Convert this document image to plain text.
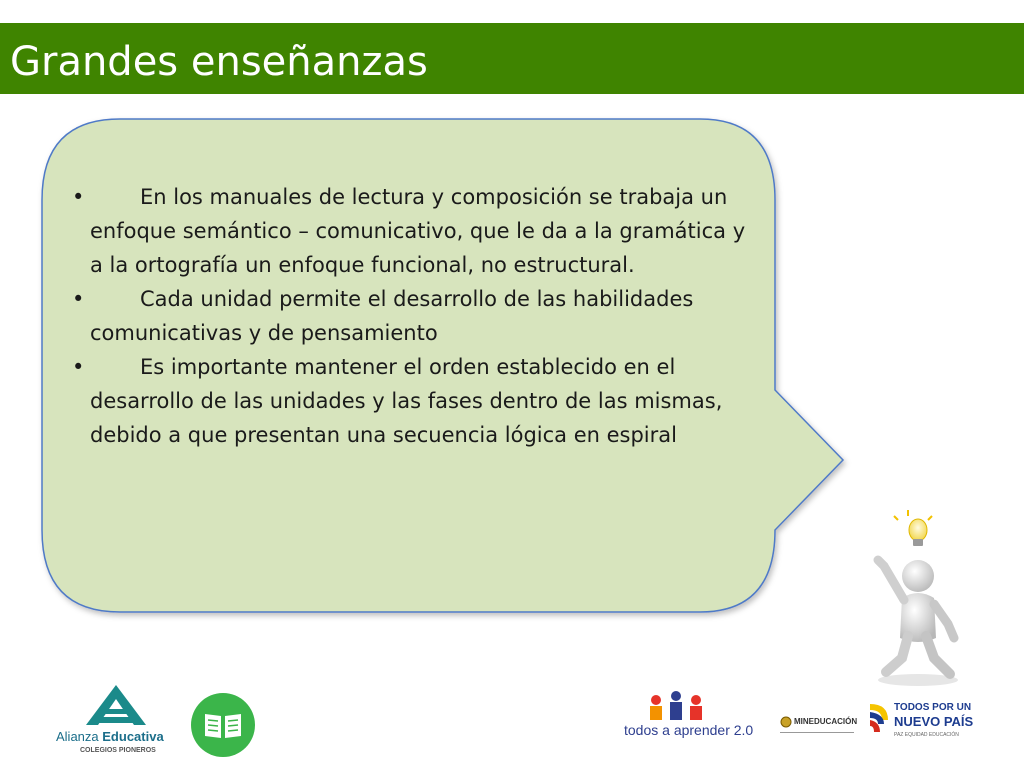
Grandes enseñanzas
•	En los manuales de lectura y composición se trabaja un enfoque semántico – comunicativo, que le da a la gramática y a la ortografía un enfoque funcional, no estructural.
•	Cada unidad permite el desarrollo de las habilidades comunicativas y de pensamiento
•	Es importante mantener el orden establecido en el desarrollo de las unidades y las fases dentro de las mismas, debido a que presentan una secuencia lógica en espiral
Alianza Educativa
COLEGIOS PIONEROS
todos a aprender 2.0
MINEDUCACIÓN
TODOS POR UN
NUEVO PAÍS
PAZ EQUIDAD EDUCACIÓN
